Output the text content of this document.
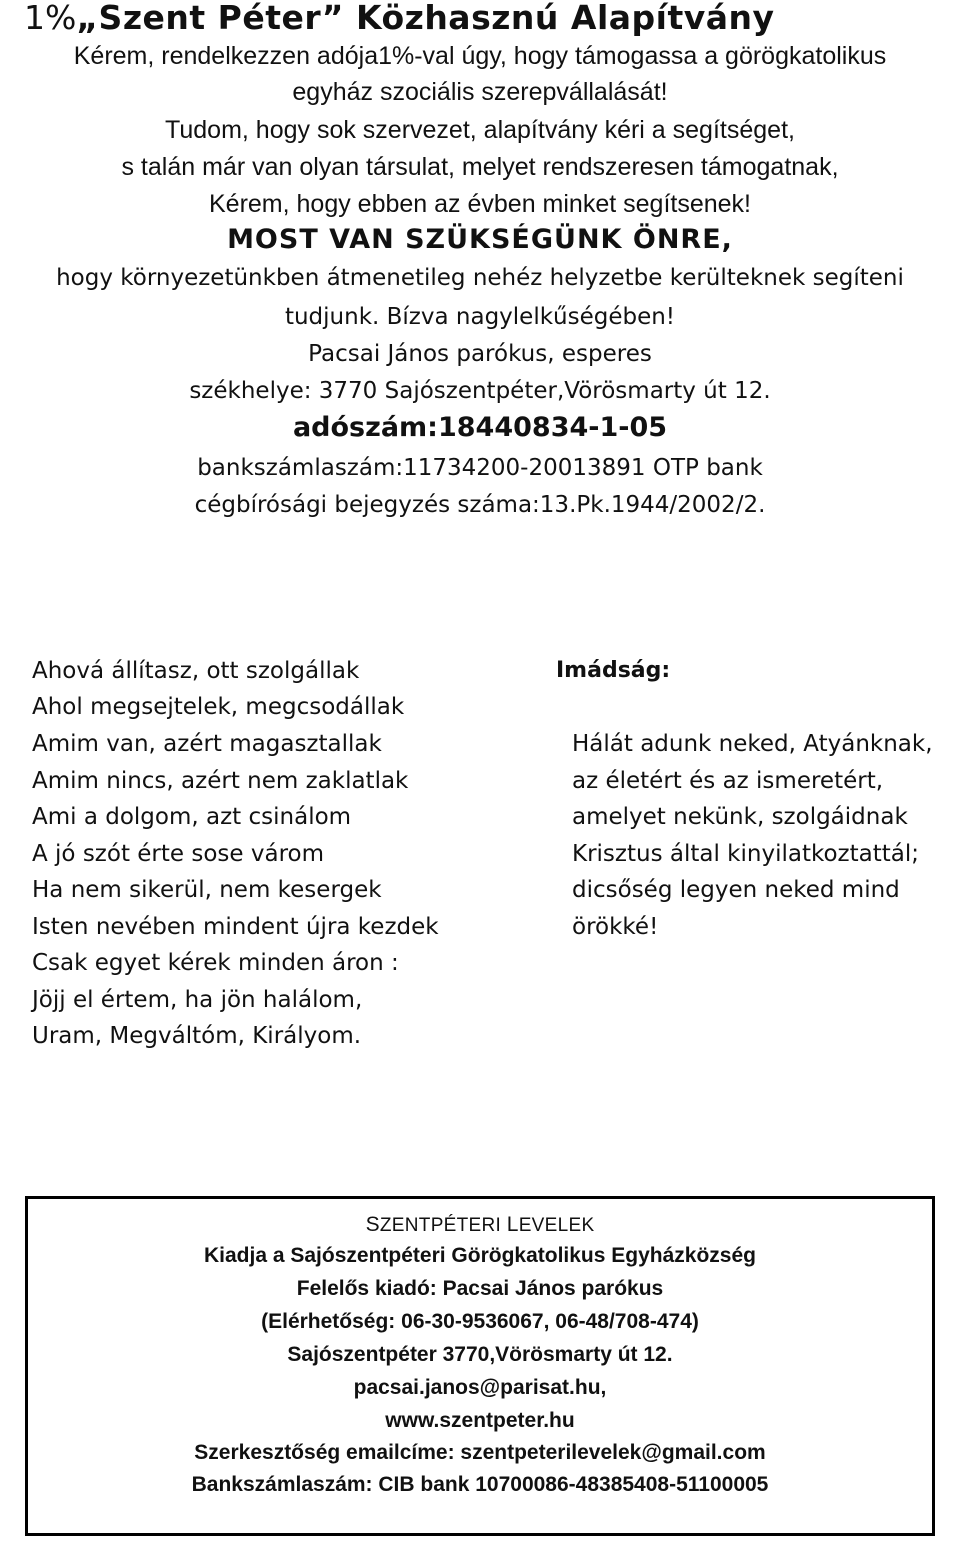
1%„Szent Péter” Közhasznú Alapítvány
Kérem, rendelkezzen adója1%-val úgy, hogy támogassa a görögkatolikus
egyház szociális szerepvállalását!
Tudom, hogy sok szervezet, alapítvány kéri a segítséget,
s talán már van olyan társulat, melyet rendszeresen támogatnak,
Kérem, hogy ebben az évben minket segítsenek!
MOST VAN SZÜKSÉGÜNK ÖNRE,
hogy környezetünkben átmenetileg nehéz helyzetbe kerülteknek segíteni
tudjunk. Bízva nagylelkűségében!
Pacsai János parókus, esperes
székhelye: 3770 Sajószentpéter,Vörösmarty út 12.
adószám:18440834-1-05
bankszámlaszám:11734200-20013891 OTP bank
cégbírósági bejegyzés száma:13.Pk.1944/2002/2.
Ahová állítasz, ott szolgállak
Ahol megsejtelek, megcsodállak
Amim van, azért magasztallak
Amim nincs, azért nem zaklatlak
Ami a dolgom, azt csinálom
A jó szót érte sose várom
Ha nem sikerül, nem kesergek
Isten nevében mindent újra kezdek
Csak egyet kérek minden áron :
Jöjj el értem, ha jön halálom,
Uram, Megváltóm, Királyom.
Imádság:
Hálát adunk neked, Atyánknak,
az életért és az ismeretért,
amelyet nekünk, szolgáidnak
Krisztus által kinyilatkoztattál;
dicsőség legyen neked mind
örökké!
SZENTPÉTERI LEVELEK
Kiadja a Sajószentpéteri Görögkatolikus Egyházközség
Felelős kiadó: Pacsai János parókus
(Elérhetőség: 06-30-9536067, 06-48/708-474)
Sajószentpéter 3770,Vörösmarty út 12.
pacsai.janos@parisat.hu,
www.szentpeter.hu
Szerkesztőség emailcíme: szentpeterilevelek@gmail.com
Bankszámlaszám: CIB bank 10700086-48385408-51100005
